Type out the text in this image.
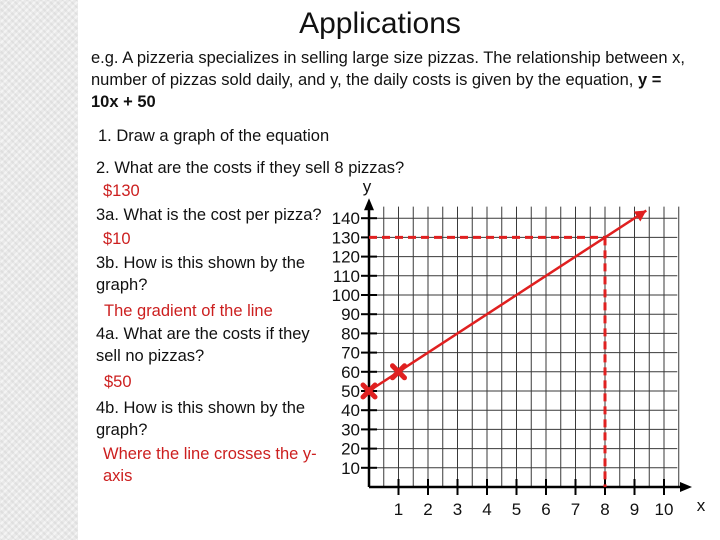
Applications
e.g. A pizzeria specializes in selling large size pizzas. The relationship between x, number of pizzas sold daily, and y, the daily costs is given by the equation, y = 10x + 50
1. Draw a graph of the equation
2. What are the costs if they sell 8 pizzas?
$130
3a. What is the cost per pizza?
$10
3b. How is this shown by the graph?
The gradient of the line
4a. What are the costs if they sell no pizzas?
$50
4b. How is this shown by the graph?
Where the line crosses the y-axis	10
20
30
40
50
60
70
80
90
100
110
120
130
140
1 2 3 4 5 6 7 8 9 10
y
x
